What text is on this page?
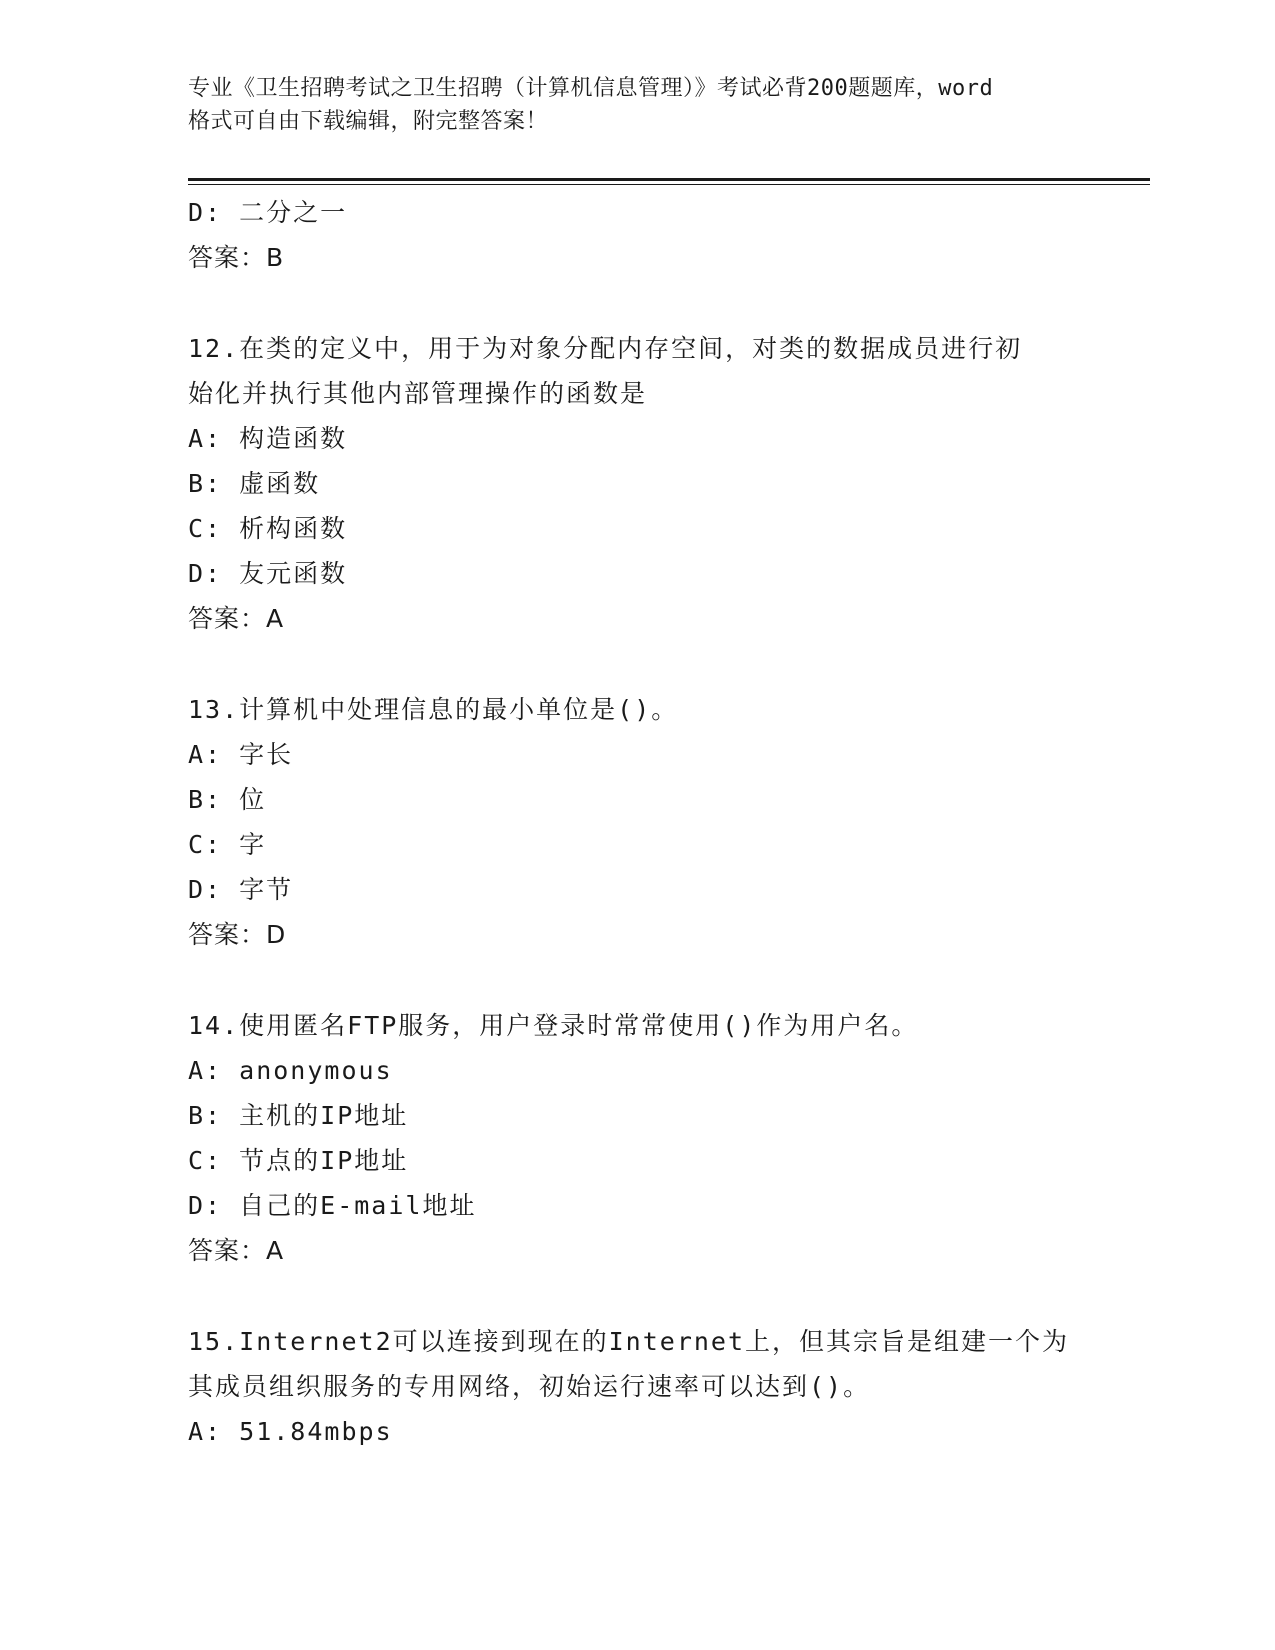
专业《卫生招聘考试之卫生招聘（计算机信息管理）》考试必背200题题库，word
格式可自由下载编辑，附完整答案！

D: 二分之一

答案：B

12.在类的定义中，用于为对象分配内存空间，对类的数据成员进行初

始化并执行其他内部管理操作的函数是

A: 构造函数

B: 虚函数

C: 析构函数

D: 友元函数

答案：A

13.计算机中处理信息的最小单位是()。

A: 字长

B: 位

C: 字

D: 字节

答案：D

14.使用匿名FTP服务，用户登录时常常使用()作为用户名。

A: anonymous

B: 主机的IP地址

C: 节点的IP地址

D: 自己的E-mail地址

答案：A

15.Internet2可以连接到现在的Internet上，但其宗旨是组建一个为

其成员组织服务的专用网络，初始运行速率可以达到()。

A: 51.84mbps
